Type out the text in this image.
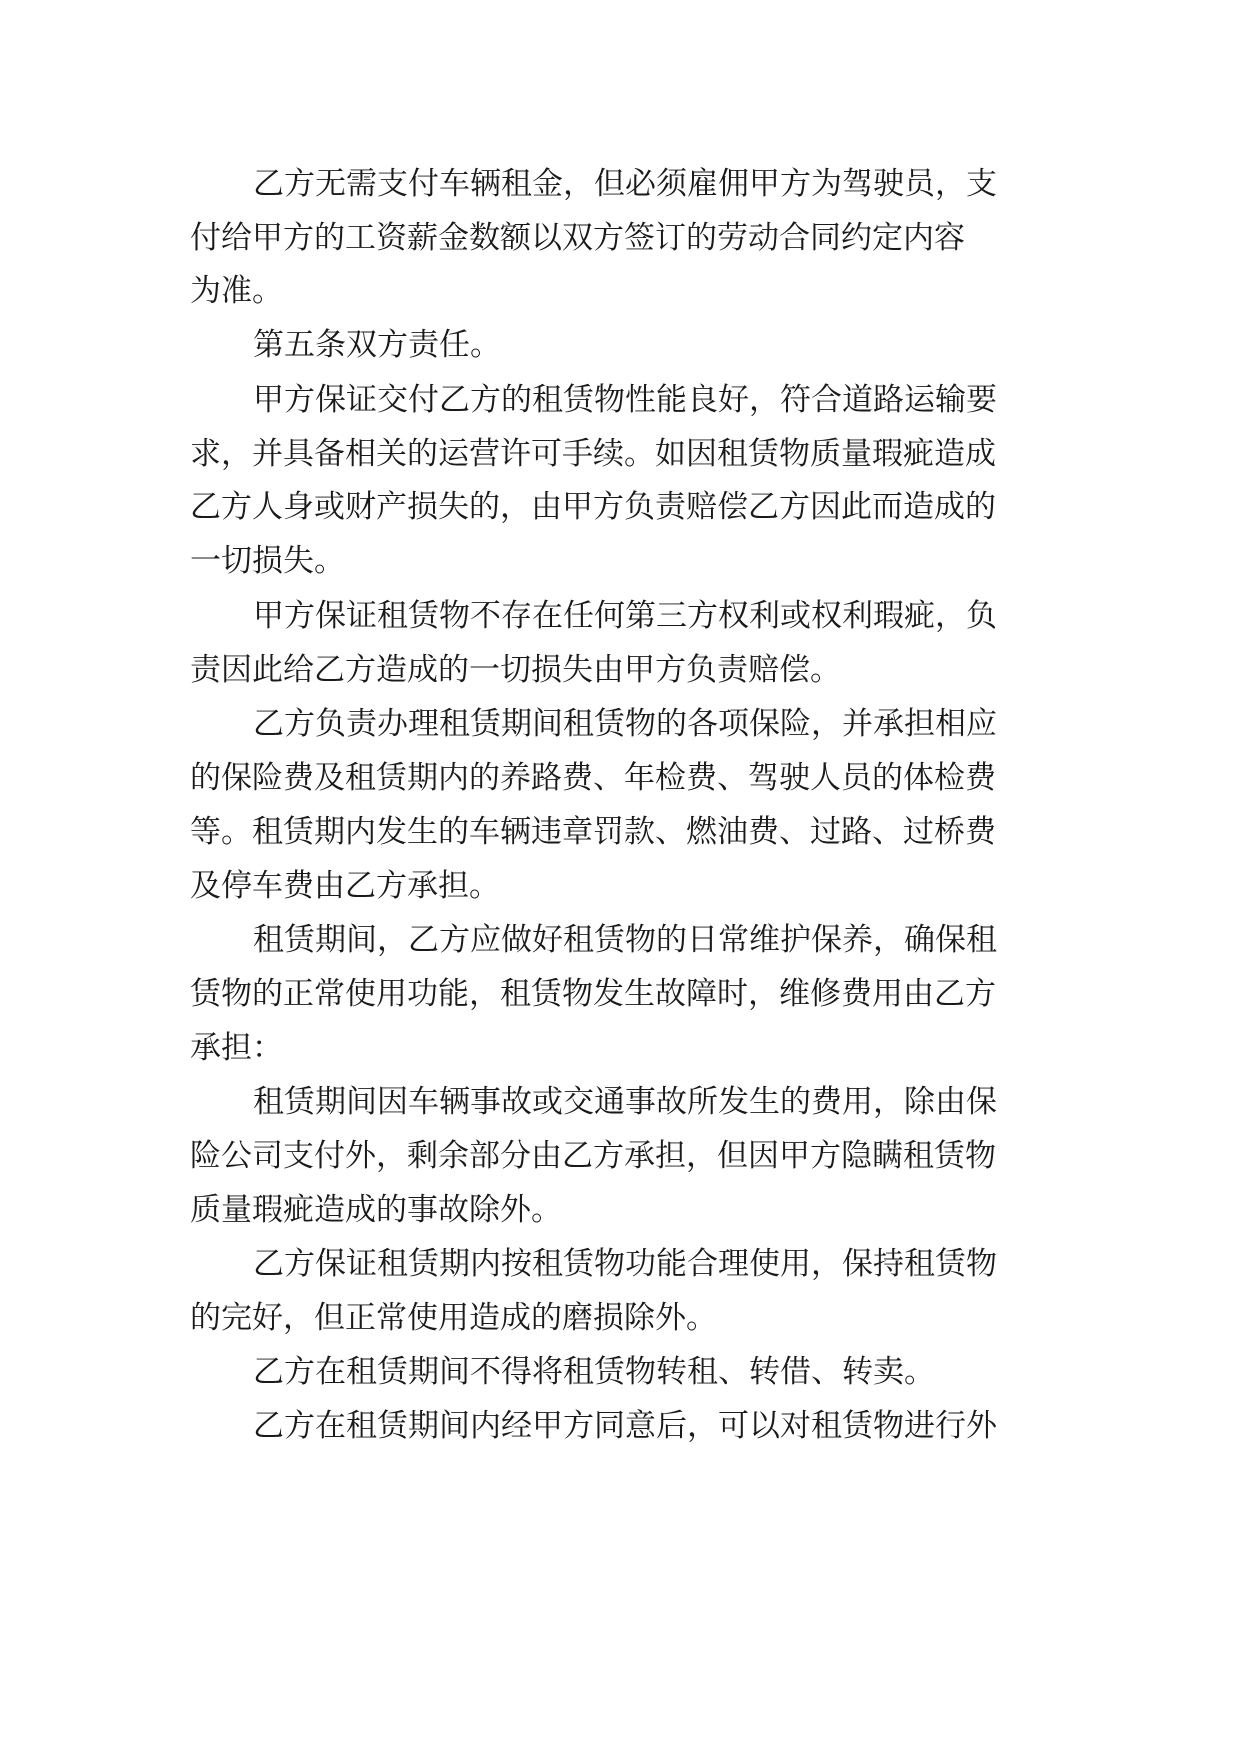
乙方无需支付车辆租金，但必须雇佣甲方为驾驶员，支
付给甲方的工资薪金数额以双方签订的劳动合同约定内容
为准。
第五条双方责任。
甲方保证交付乙方的租赁物性能良好，符合道路运输要
求，并具备相关的运营许可手续。如因租赁物质量瑕疵造成
乙方人身或财产损失的，由甲方负责赔偿乙方因此而造成的
一切损失。
甲方保证租赁物不存在任何第三方权利或权利瑕疵，负
责因此给乙方造成的一切损失由甲方负责赔偿。
乙方负责办理租赁期间租赁物的各项保险，并承担相应
的保险费及租赁期内的养路费、年检费、驾驶人员的体检费
等。租赁期内发生的车辆违章罚款、燃油费、过路、过桥费
及停车费由乙方承担。
租赁期间，乙方应做好租赁物的日常维护保养，确保租
赁物的正常使用功能，租赁物发生故障时，维修费用由乙方
承担：
租赁期间因车辆事故或交通事故所发生的费用，除由保
险公司支付外，剩余部分由乙方承担，但因甲方隐瞒租赁物
质量瑕疵造成的事故除外。
乙方保证租赁期内按租赁物功能合理使用，保持租赁物
的完好，但正常使用造成的磨损除外。
乙方在租赁期间不得将租赁物转租、转借、转卖。
乙方在租赁期间内经甲方同意后，可以对租赁物进行外
